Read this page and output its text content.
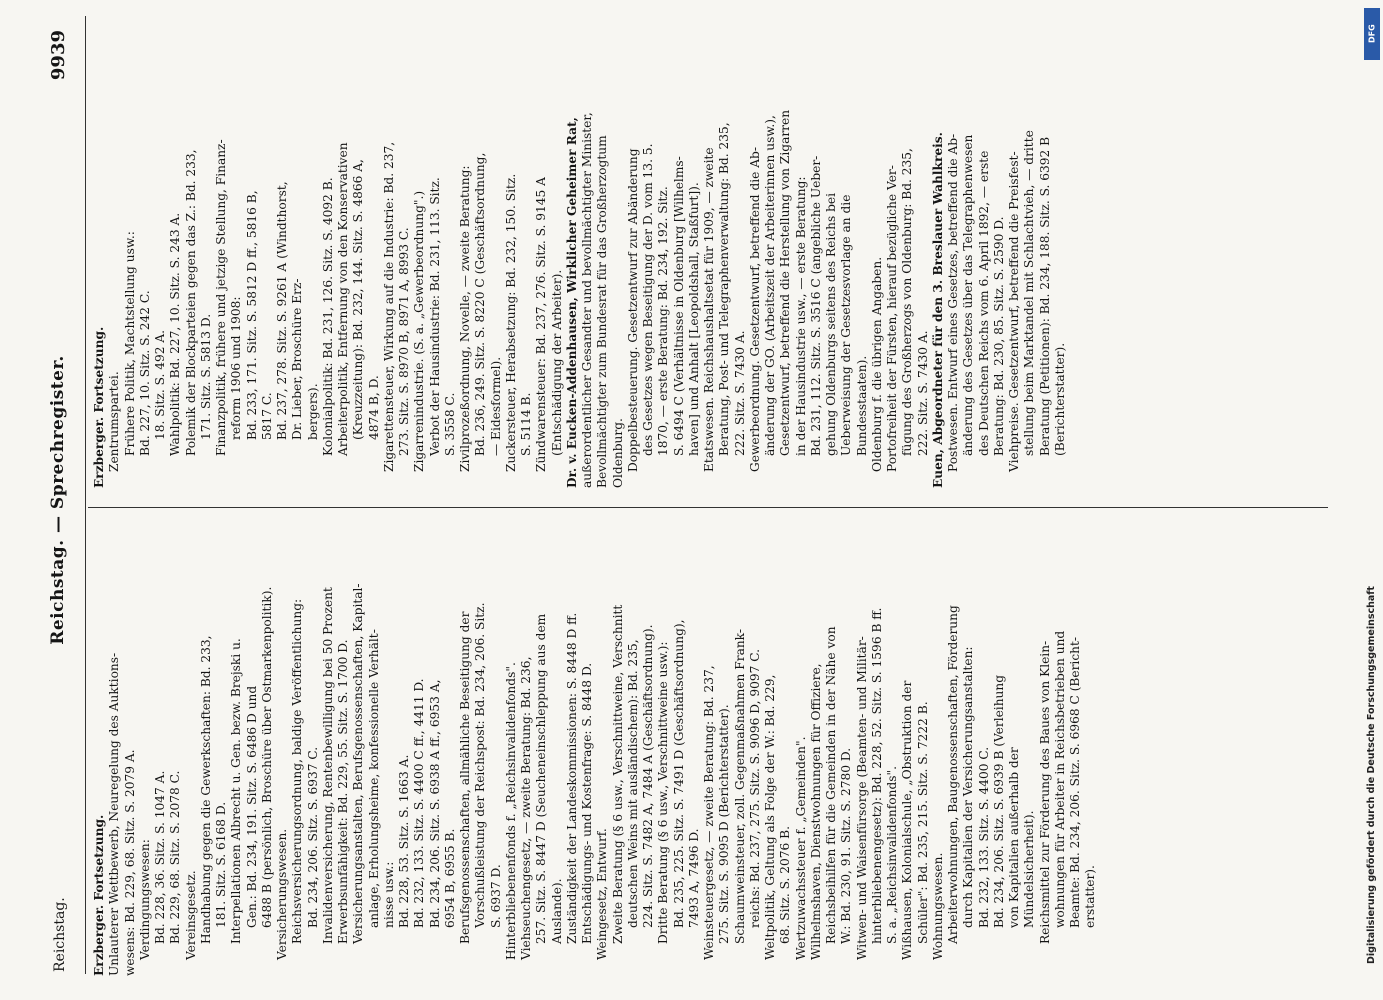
Reichstag.
Reichstag. — Sprechregister.
9939
Erzberger. Fortsetzung. Unlauterer Wettbewerb, Neuregelung des Auktions- wesens: Bd. 229, 68. Sitz. S. 2079 A. Verdingungswesen: Bd. 228, 36. Sitz. S. 1047 A. Bd. 229, 68. Sitz. S. 2078 C. Vereinsgesetz. Handhabung gegen die Gewerkschaften: Bd. 233, 181. Sitz. S. 6168 D. Interpellationen Albrecht u. Gen. bezw. Brejski u. Gen.: Bd. 234, 191. Sitz. S. 6486 D und 6488 B (persönlich, Broschüre über Ostmarkenpolitik). Versicherungswesen. Reichsversicherungsordnung, baldige Veröffentlichung: Bd. 234, 206. Sitz. S. 6937 C. Invalidenversicherung, Rentenbewilligung bei 50 Prozent Erwerbsunfähigkeit: Bd. 229, 55. Sitz. S. 1700 D. Versicherungsanstalten, Berufsgenossenschaften, Kapital- anlage, Erholungsheime, konfessionelle Verhält- nisse usw.: Bd. 228, 53. Sitz. S. 1663 A. Bd. 232, 133. Sitz. S. 4400 C ff., 4411 D. Bd. 234, 206. Sitz. S. 6938 A ff., 6953 A, 6954 B, 6955 B. Berufsgenossenschaften, allmähliche Beseitigung der Vorschußleistung der Reichspost: Bd. 234, 206. Sitz. S. 6937 D. Hinterbliebenenfonds f. „Reichsinvalidenfonds". Viehseuchengesetz, — zweite Beratung: Bd. 236, 257. Sitz. S. 8447 D (Seucheneinschleppung aus dem Auslande). Zuständigkeit der Landeskommissionen: S. 8448 D ff. Entschädigungs- und Kostenfrage: S. 8448 D. Weingesetz, Entwurf. Zweite Beratung (§ 6 usw., Verschnittweine, Verschnitt deutschen Weins mit ausländischem): Bd. 235, 224. Sitz. S. 7482 A, 7484 A (Geschäftsordnung). Dritte Beratung (§ 6 usw., Verschnittweine usw.): Bd. 235, 225. Sitz. S. 7491 D (Geschäftsordnung), 7493 A, 7496 D. Weinsteuergesetz, — zweite Beratung: Bd. 237, 275. Sitz. S. 9095 D (Berichterstatter). Schaumweinsteuer, zoll. Gegenmaßnahmen Frank- reichs: Bd. 237, 275. Sitz. S. 9096 D, 9097 C. Weltpolitik, Geltung als Folge der W.: Bd. 229, 68. Sitz. S. 2076 B. Wertzuwachssteuer f. „Gemeinden". Wilhelmshaven, Dienstwohnungen für Offiziere, Reichsbeihilfen für die Gemeinden in der Nähe von W.: Bd. 230, 91. Sitz. S. 2780 D. Witwen- und Waisenfürsorge (Beamten- und Militär- hinterbliebenengesetz): Bd. 228, 52. Sitz. S. 1596 B ff. S. a. „Reichsinvalidenfonds". Wißhausen, Kolonialschule, „Obstruktion der Schüler": Bd. 235, 215. Sitz. S. 7222 B. Wohnungswesen. Arbeiterwohnungen, Baugenossenschaften, Förderung durch Kapitalien der Versicherungsanstalten: Bd. 232, 133. Sitz. S. 4400 C. Bd. 234, 206. Sitz. S. 6939 B (Verleihung von Kapitalien außerhalb der Mündelsicherheit). Reichsmittel zur Förderung des Baues von Klein- wohnungen für Arbeiter in Reichsbetrieben und Beamte: Bd. 234, 206. Sitz. S. 6968 C (Bericht- erstatter).
Erzberger. Fortsetzung. Zentrumspartei. Frühere Politik, Machtstellung usw.: Bd. 227, 10. Sitz. S. 242 C. 18. Sitz. S. 492 A. Wahlpolitik: Bd. 227, 10. Sitz. S. 243 A. Polemik der Blockparteien gegen das Z.: Bd. 233, 171. Sitz. S. 5813 D. Finanzpolitik, frühere und jetzige Stellung, Finanz- reform 1906 und 1908: Bd. 233, 171. Sitz. S. 5812 D ff., 5816 B, 5817 C. Bd. 237, 278. Sitz. S. 9261 A (Windthorst, Dr. Lieber, Broschüre Erz- bergers). Kolonialpolitik: Bd. 231, 126. Sitz. S. 4092 B. Arbeiterpolitik, Entfernung von den Konservativen (Kreuzzeitung): Bd. 232, 144. Sitz. S. 4866 A, 4874 B, D. Zigarettensteuer, Wirkung auf die Industrie: Bd. 237, 273. Sitz. S. 8970 B, 8971 A, 8993 C. Zigarrenindustrie. (S. a. „Gewerbeordnung".) Verbot der Hausindustrie: Bd. 231, 113. Sitz. S. 3558 C. Zivilprozeßordnung, Novelle, — zweite Beratung: Bd. 236, 249. Sitz. S. 8220 C (Geschäftsordnung, — Eidesformel). Zuckersteuer, Herabsetzung: Bd. 232, 150. Sitz. S. 5114 B. Zündwarensteuer: Bd. 237, 276. Sitz. S. 9145 A (Entschädigung der Arbeiter). Dr. v. Eucken-Addenhausen, Wirklicher Geheimer Rat, außerordentlicher Gesandter und bevollmächtigter Minister, Bevollmächtigter zum Bundesrat für das Großherzogtum Oldenburg. Doppelbesteuerung. Gesetzentwurf zur Abänderung des Gesetzes wegen Beseitigung der D. vom 13. 5. 1870, — erste Beratung: Bd. 234, 192. Sitz. S. 6494 C (Verhältnisse in Oldenburg [Wilhelms- haven] und Anhalt [Leopoldshall, Staßfurt]). Etatswesen. Reichshaushaltsetat für 1909, — zweite Beratung, Post- und Telegraphenverwaltung: Bd. 235, 222. Sitz. S. 7430 A. Gewerbeordnung. Gesetzentwurf, betreffend die Ab- änderung der GO. (Arbeitszeit der Arbeiterinnen usw.), Gesetzentwurf, betreffend die Herstellung von Zigarren in der Hausindustrie usw., — erste Beratung: Bd. 231, 112. Sitz. S. 3516 C (angebliche Ueber- gehung Oldenburgs seitens des Reichs bei Ueberweisung der Gesetzesvorlage an die Bundesstaaten). Oldenburg f. die übrigen Angaben. Portofreiheit der Fürsten, hierauf bezügliche Ver- fügung des Großherzogs von Oldenburg: Bd. 235, 222. Sitz. S. 7430 A. Euen, Abgeordneter für den 3. Breslauer Wahlkreis. Postwesen. Entwurf eines Gesetzes, betreffend die Ab- änderung des Gesetzes über das Telegraphenwesen des Deutschen Reichs vom 6. April 1892, — erste Beratung: Bd. 230, 85. Sitz. S. 2590 D. Viehpreise. Gesetzentwurf, betreffend die Preisfest- stellung beim Marktandel mit Schlachtvieh, — dritte Beratung (Petitionen): Bd. 234, 188. Sitz. S. 6392 B (Berichterstatter).
DFG
Digitalisierung gefördert durch die Deutsche Forschungsgemeinschaft
